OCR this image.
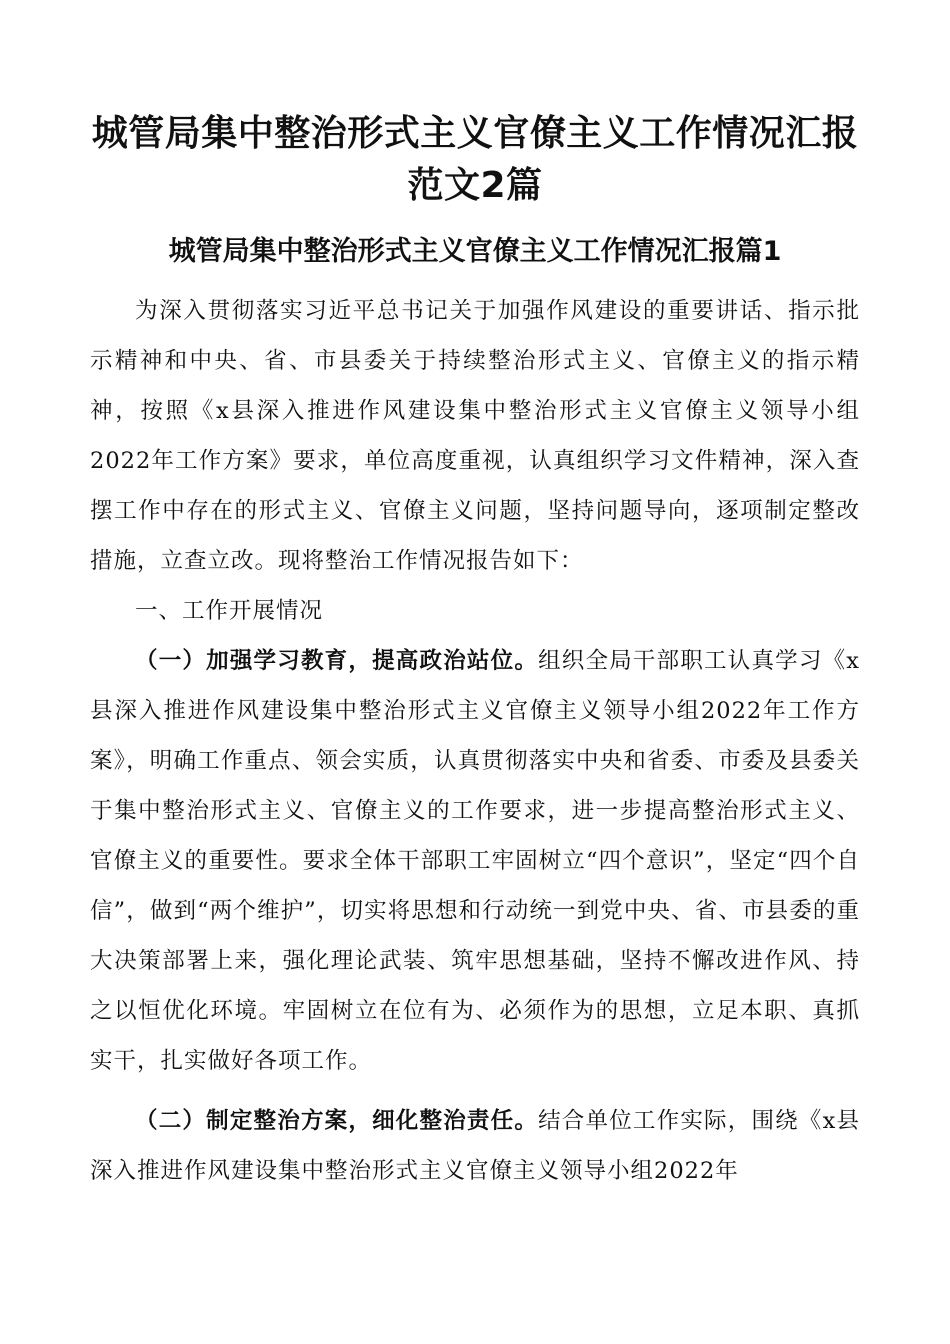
城管局集中整治形式主义官僚主义工作情况汇报范文2篇
城管局集中整治形式主义官僚主义工作情况汇报篇1

为深入贯彻落实习近平总书记关于加强作风建设的重要讲话、指示批示精神和中央、省、市县委关于持续整治形式主义、官僚主义的指示精神，按照《x县深入推进作风建设集中整治形式主义官僚主义领导小组2022年工作方案》要求，单位高度重视，认真组织学习文件精神，深入查摆工作中存在的形式主义、官僚主义问题，坚持问题导向，逐项制定整改措施，立查立改。现将整治工作情况报告如下：

一、工作开展情况

（一）加强学习教育，提高政治站位。组织全局干部职工认真学习《x县深入推进作风建设集中整治形式主义官僚主义领导小组2022年工作方案》，明确工作重点、领会实质，认真贯彻落实中央和省委、市委及县委关于集中整治形式主义、官僚主义的工作要求，进一步提高整治形式主义、官僚主义的重要性。要求全体干部职工牢固树立“四个意识”，坚定“四个自信”，做到“两个维护”，切实将思想和行动统一到党中央、省、市县委的重大决策部署上来，强化理论武装、筑牢思想基础，坚持不懈改进作风、持之以恒优化环境。牢固树立在位有为、必须作为的思想，立足本职、真抓实干，扎实做好各项工作。

（二）制定整治方案，细化整治责任。结合单位工作实际，围绕《x县深入推进作风建设集中整治形式主义官僚主义领导小组2022年
